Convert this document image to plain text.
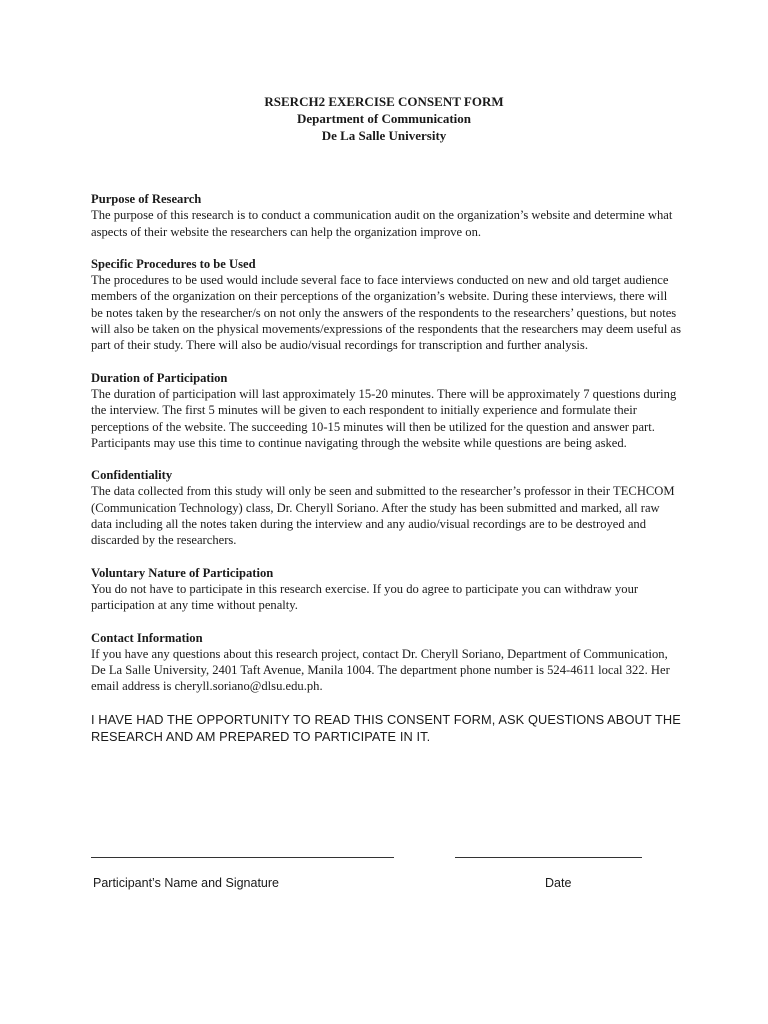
RSERCH2 EXERCISE CONSENT FORM
Department of Communication
De La Salle University
Purpose of Research

The purpose of this research is to conduct a communication audit on the organization’s website and determine what aspects of their website the researchers can help the organization improve on.

Specific Procedures to be Used

The procedures to be used would include several face to face interviews conducted on new and old target audience members of the organization on their perceptions of the organization’s website. During these interviews, there will be notes taken by the researcher/s on not only the answers of the respondents to the researchers’ questions, but notes will also be taken on the physical movements/expressions of the respondents that the researchers may deem useful as part of their study. There will also be audio/visual recordings for transcription and further analysis.

Duration of Participation

The duration of participation will last approximately 15-20 minutes. There will be approximately 7 questions during the interview. The first 5 minutes will be given to each respondent to initially experience and formulate their perceptions of the website. The succeeding 10-15 minutes will then be utilized for the question and answer part. Participants may use this time to continue navigating through the website while questions are being asked.

Confidentiality

The data collected from this study will only be seen and submitted to the researcher’s professor in their TECHCOM (Communication Technology) class, Dr. Cheryll Soriano. After the study has been submitted and marked, all raw data including all the notes taken during the interview and any audio/visual recordings are to be destroyed and discarded by the researchers.

Voluntary Nature of Participation

You do not have to participate in this research exercise. If you do agree to participate you can withdraw your participation at any time without penalty.

Contact Information

If you have any questions about this research project, contact Dr. Cheryll Soriano, Department of Communication, De La Salle University, 2401 Taft Avenue, Manila 1004. The department phone number is 524-4611 local 322. Her email address is cheryll.soriano@dlsu.edu.ph.

I HAVE HAD THE OPPORTUNITY TO READ THIS CONSENT FORM, ASK QUESTIONS ABOUT THE RESEARCH AND AM PREPARED TO PARTICIPATE IN IT.
Participant’s Name and Signature	Date
